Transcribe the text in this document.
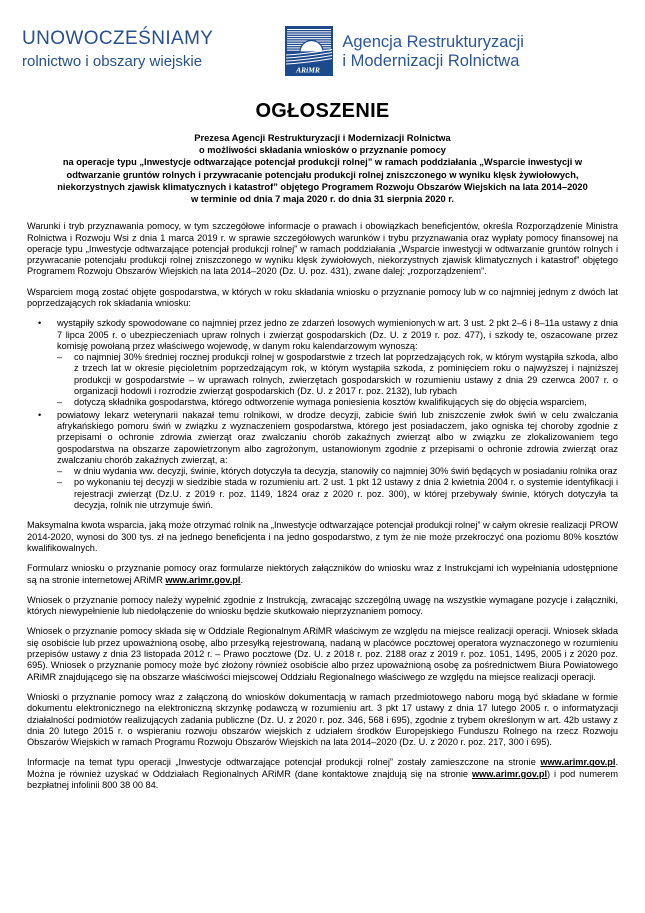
UNOWOCZEŚNIAMY
rolnictwo i obszary wiejskie	ARiMR
Agencja Restrukturyzacji
i Modernizacji Rolnictwa
OGŁOSZENIE
Prezesa Agencji Restrukturyzacji i Modernizacji Rolnictwa
o możliwości składania wniosków o przyznanie pomocy
na operacje typu „Inwestycje odtwarzające potencjał produkcji rolnej” w ramach poddziałania „Wsparcie inwestycji w odtwarzanie gruntów rolnych i przywracanie potencjału produkcji rolnej zniszczonego w wyniku klęsk żywiołowych, niekorzystnych zjawisk klimatycznych i katastrof” objętego Programem Rozwoju Obszarów Wiejskich na lata 2014–2020
w terminie od dnia 7 maja 2020 r. do dnia 31 sierpnia 2020 r.

Warunki i tryb przyznawania pomocy, w tym szczegółowe informacje o prawach i obowiązkach beneficjentów, określa Rozporządzenie Ministra Rolnictwa i Rozwoju Wsi z dnia 1 marca 2019 r. w sprawie szczegółowych warunków i trybu przyznawania oraz wypłaty pomocy finansowej na operacje typu „Inwestycje odtwarzające potencjał produkcji rolnej” w ramach poddziałania „Wsparcie inwestycji w odtwarzanie gruntów rolnych i przywracanie potencjału produkcji rolnej zniszczonego w wyniku klęsk żywiołowych, niekorzystnych zjawisk klimatycznych i katastrof” objętego Programem Rozwoju Obszarów Wiejskich na lata 2014–2020 (Dz. U. poz. 431), zwane dalej: „rozporządzeniem”.

Wsparciem mogą zostać objęte gospodarstwa, w których w roku składania wniosku o przyznanie pomocy lub w co najmniej jednym z dwóch lat poprzedzających rok składania wniosku:

•	wystąpiły szkody spowodowane co najmniej przez jedno ze zdarzeń losowych wymienionych w art. 3 ust. 2 pkt 2–6 i 8–11a ustawy z dnia 7 lipca 2005 r. o ubezpieczeniach upraw rolnych i zwierząt gospodarskich (Dz. U. z 2019 r. poz. 477), i szkody te, oszacowane przez komisję powołaną przez właściwego wojewodę, w danym roku kalendarzowym wynoszą:
–	co najmniej 30% średniej rocznej produkcji rolnej w gospodarstwie z trzech lat poprzedzających rok, w którym wystąpiła szkoda, albo z trzech lat w okresie pięcioletnim poprzedzającym rok, w którym wystąpiła szkoda, z pominięciem roku o najwyższej i najniższej produkcji w gospodarstwie – w uprawach rolnych, zwierzętach gospodarskich w rozumieniu ustawy z dnia 29 czerwca 2007 r. o organizacji hodowli i rozrodzie zwierząt gospodarskich (Dz. U. z 2017 r. poz. 2132), lub rybach
–	dotyczą składnika gospodarstwa, którego odtworzenie wymaga poniesienia kosztów kwalifikujących się do objęcia wsparciem,
•	powiatowy lekarz weterynarii nakazał temu rolnikowi, w drodze decyzji, zabicie świń lub zniszczenie zwłok świń w celu zwalczania afrykańskiego pomoru świń w związku z wyznaczeniem gospodarstwa, którego jest posiadaczem, jako ogniska tej choroby zgodnie z przepisami o ochronie zdrowia zwierząt oraz zwalczaniu chorób zakaźnych zwierząt albo w związku ze zlokalizowaniem tego gospodarstwa na obszarze zapowietrzonym albo zagrożonym, ustanowionym zgodnie z przepisami o ochronie zdrowia zwierząt oraz zwalczaniu chorób zakaźnych zwierząt, a:
–	w dniu wydania ww. decyzji, świnie, których dotyczyła ta decyzja, stanowiły co najmniej 30% świń będących w posiadaniu rolnika oraz
–	po wykonaniu tej decyzji w siedzibie stada w rozumieniu art. 2 ust. 1 pkt 12 ustawy z dnia 2 kwietnia 2004 r. o systemie identyfikacji i rejestracji zwierząt (Dz.U. z 2019 r. poz. 1149, 1824 oraz z 2020 r. poz. 300), w której przebywały świnie, których dotyczyła ta decyzja, rolnik nie utrzymuje świń.

Maksymalna kwota wsparcia, jaką może otrzymać rolnik na „Inwestycje odtwarzające potencjał produkcji rolnej” w całym okresie realizacji PROW 2014-2020, wynosi do 300 tys. zł na jednego beneficjenta i na jedno gospodarstwo, z tym że nie może przekroczyć ona poziomu 80% kosztów kwalifikowalnych.

Formularz wniosku o przyznanie pomocy oraz formularze niektórych załączników do wniosku wraz z Instrukcjami ich wypełniania udostępnione są na stronie internetowej ARiMR www.arimr.gov.pl.

Wniosek o przyznanie pomocy należy wypełnić zgodnie z Instrukcją, zwracając szczególną uwagę na wszystkie wymagane pozycje i załączniki, których niewypełnienie lub niedołączenie do wniosku będzie skutkowało nieprzyznaniem pomocy.

Wniosek o przyznanie pomocy składa się w Oddziale Regionalnym ARiMR właściwym ze względu na miejsce realizacji operacji. Wniosek składa się osobiście lub przez upoważnioną osobę, albo przesyłką rejestrowaną, nadaną w placówce pocztowej operatora wyznaczonego w rozumieniu przepisów ustawy z dnia 23 listopada 2012 r. – Prawo pocztowe (Dz. U. z 2018 r. poz. 2188 oraz z 2019 r. poz. 1051, 1495, 2005 i z 2020 poz. 695). Wniosek o przyznanie pomocy może być złożony również osobiście albo przez upoważnioną osobę za pośrednictwem Biura Powiatowego ARiMR znajdującego się na obszarze właściwości miejscowej Oddziału Regionalnego właściwego ze względu na miejsce realizacji operacji.

Wnioski o przyznanie pomocy wraz z załączoną do wniosków dokumentacją w ramach przedmiotowego naboru mogą być składane w formie dokumentu elektronicznego na elektroniczną skrzynkę podawczą w rozumieniu art. 3 pkt 17 ustawy z dnia 17 lutego 2005 r. o informatyzacji działalności podmiotów realizujących zadania publiczne (Dz. U. z 2020 r. poz. 346, 568 i 695), zgodnie z trybem określonym w art. 42b ustawy z dnia 20 lutego 2015 r. o wspieraniu rozwoju obszarów wiejskich z udziałem środków Europejskiego Funduszu Rolnego na rzecz Rozwoju Obszarów Wiejskich w ramach Programu Rozwoju Obszarów Wiejskich na lata 2014–2020 (Dz. U. z 2020 r. poz. 217, 300 i 695).

Informacje na temat typu operacji „Inwestycje odtwarzające potencjał produkcji rolnej” zostały zamieszczone na stronie www.arimr.gov.pl. Można je również uzyskać w Oddziałach Regionalnych ARiMR (dane kontaktowe znajdują się na stronie www.arimr.gov.pl) i pod numerem bezpłatnej infolinii 800 38 00 84.
